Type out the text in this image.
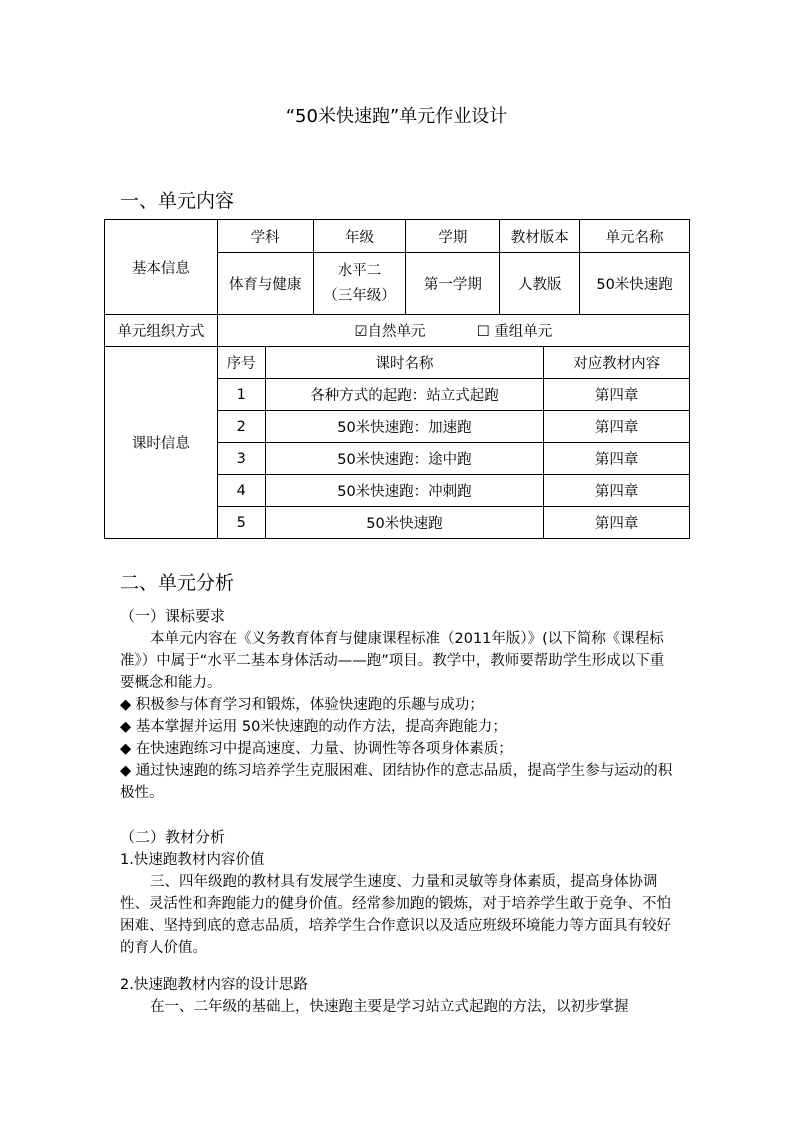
“50米快速跑”单元作业设计
一、单元内容
基本信息	学科		年级	学期	教材版本		单元名称
	体育与健康		水平二
（三年级）	第一学期	人教版		50米快速跑
单元组织方式	☑自然单元 ☐ 重组单元						
课时信息	序号	课时名称				对应教材内容	
	1	各种方式的起跑：站立式起跑				第四章	
	2	50米快速跑：加速跑				第四章	
	3	50米快速跑：途中跑				第四章	
	4	50米快速跑：冲刺跑				第四章	
	5	50米快速跑				第四章	
二、单元分析
（一）课标要求
本单元内容在《义务教育体育与健康课程标准（2011年版）》(以下简称《课程标准》）中属于“水平二基本身体活动——跑”项目。教学中，教师要帮助学生形成以下重要概念和能力。
◆ 积极参与体育学习和锻炼，体验快速跑的乐趣与成功；
◆ 基本掌握并运用 50米快速跑的动作方法，提高奔跑能力；
◆ 在快速跑练习中提高速度、力量、协调性等各项身体素质；
◆ 通过快速跑的练习培养学生克服困难、团结协作的意志品质，提高学生参与运动的积极性。
（二）教材分析
1.快速跑教材内容价值
三、四年级跑的教材具有发展学生速度、力量和灵敏等身体素质，提高身体协调性、灵活性和奔跑能力的健身价值。经常参加跑的锻炼，对于培养学生敢于竞争、不怕困难、坚持到底的意志品质，培养学生合作意识以及适应班级环境能力等方面具有较好的育人价值。
2.快速跑教材内容的设计思路
在一、二年级的基础上，快速跑主要是学习站立式起跑的方法，以初步掌握
